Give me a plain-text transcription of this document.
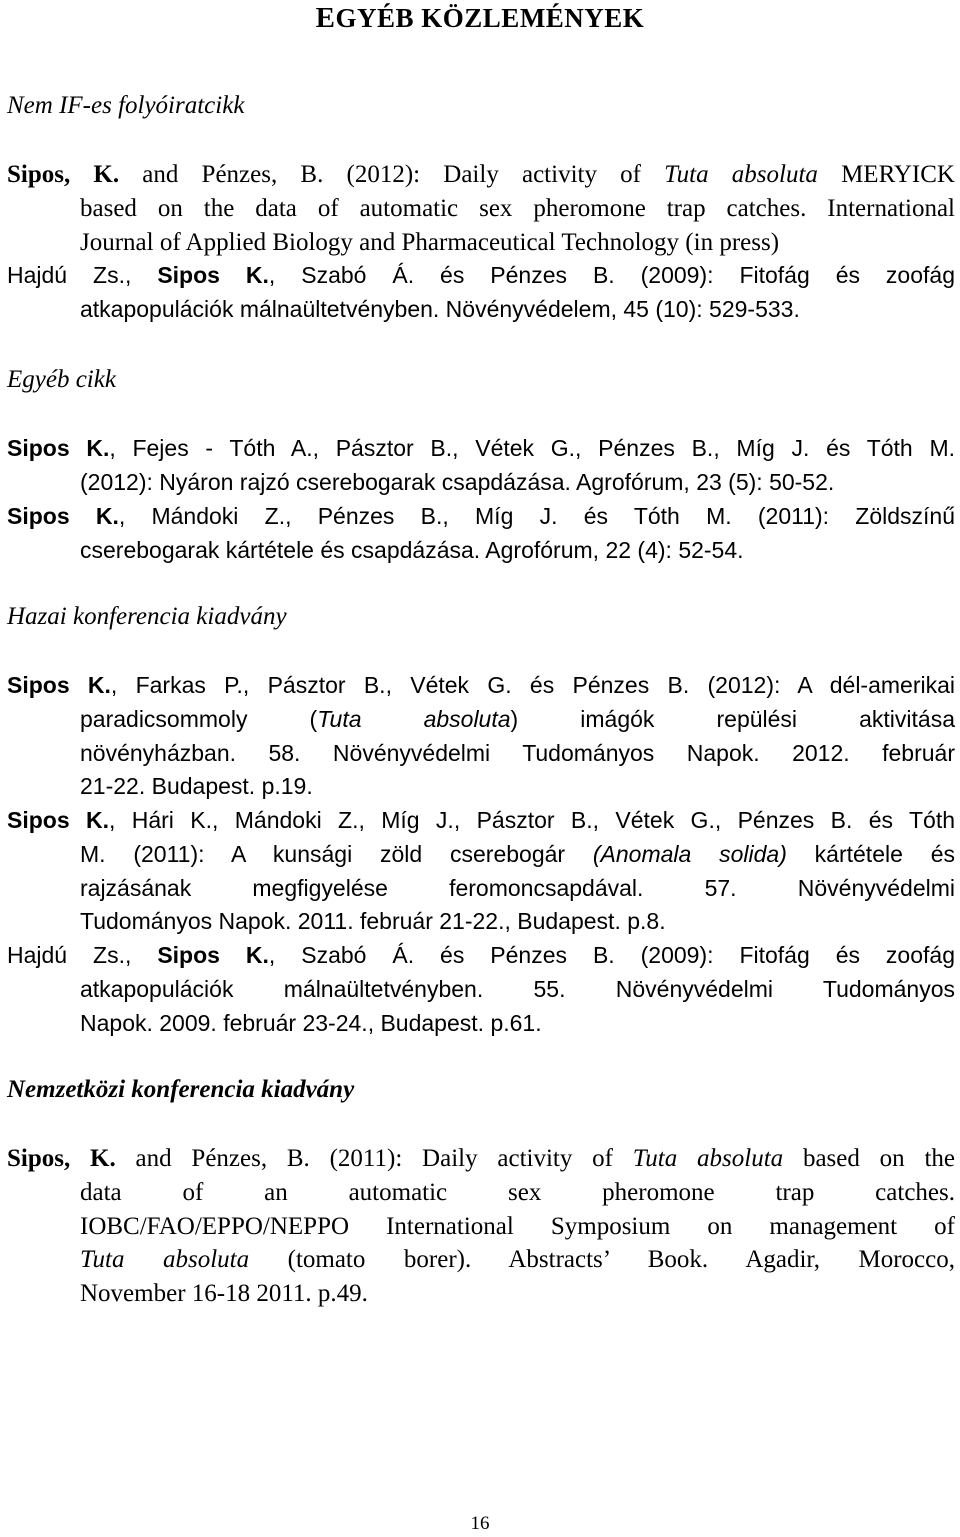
EGYÉB KÖZLEMÉNYEK
Nem IF-es folyóiratcikk
Sipos, K. and Pénzes, B. (2012): Daily activity of Tuta absoluta MERYICK
based on the data of automatic sex pheromone trap catches. International
Journal of Applied Biology and Pharmaceutical Technology (in press)
Hajdú Zs., Sipos K., Szabó Á. és Pénzes B. (2009): Fitofág és zoofág
atkapopulációk málnaültetvényben. Növényvédelem, 45 (10): 529-533.
Egyéb cikk
Sipos K., Fejes - Tóth A., Pásztor B., Vétek G., Pénzes B., Míg J. és Tóth M.
(2012): Nyáron rajzó cserebogarak csapdázása. Agrofórum, 23 (5): 50-52.
Sipos K., Mándoki Z., Pénzes B., Míg J. és Tóth M. (2011): Zöldszínű
cserebogarak kártétele és csapdázása. Agrofórum, 22 (4): 52-54.
Hazai konferencia kiadvány
Sipos K., Farkas P., Pásztor B., Vétek G. és Pénzes B. (2012): A dél-amerikai
paradicsommoly (Tuta absoluta) imágók repülési aktivitása
növényházban. 58. Növényvédelmi Tudományos Napok. 2012. február
21-22. Budapest. p.19.
Sipos K., Hári K., Mándoki Z., Míg J., Pásztor B., Vétek G., Pénzes B. és Tóth
M. (2011): A kunsági zöld cserebogár (Anomala solida) kártétele és
rajzásának megfigyelése feromoncsapdával. 57. Növényvédelmi
Tudományos Napok. 2011. február 21-22., Budapest. p.8.
Hajdú Zs., Sipos K., Szabó Á. és Pénzes B. (2009): Fitofág és zoofág
atkapopulációk málnaültetvényben. 55. Növényvédelmi Tudományos
Napok. 2009. február 23-24., Budapest. p.61.
Nemzetközi konferencia kiadvány
Sipos, K. and Pénzes, B. (2011): Daily activity of Tuta absoluta based on the
data of an automatic sex pheromone trap catches.
IOBC/FAO/EPPO/NEPPO International Symposium on management of
Tuta absoluta (tomato borer). Abstracts’ Book. Agadir, Morocco,
November 16-18 2011. p.49.
16
